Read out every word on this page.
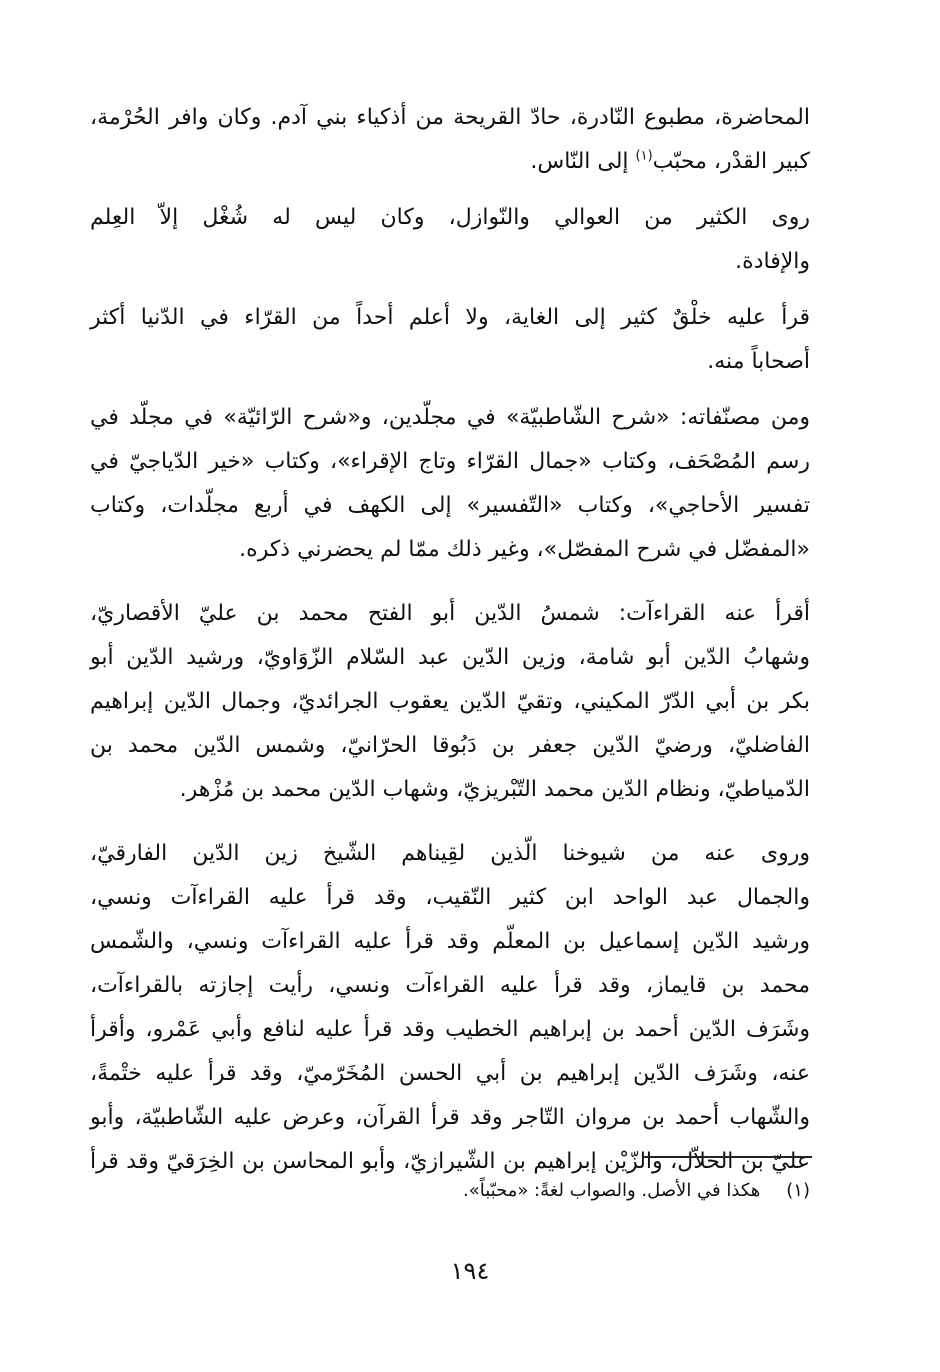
المحاضرة، مطبوع النّادرة، حادّ القريحة من أذكياء بني آدم. وكان وافر الحُرْمة،
كبير القدْر، محبّب$^{(١)}$ إلى النّاس.

روى الكثير من العوالي والنّوازل، وكان ليس له شُغْل إلاّ العِلم
والإفادة.

قرأ عليه خلْقٌ كثير إلى الغاية، ولا أعلم أحداً من القرّاء في الدّنيا أكثر
أصحاباً منه.

ومن مصنّفاته: «شرح الشّاطبيّة» في مجلّدين، و«شرح الرّائيّة» في مجلّد في
رسم المُصْحَف، وكتاب «جمال القرّاء وتاج الإقراء»، وكتاب «خير الدّياجيّ في
تفسير الأحاجي»، وكتاب «التّفسير» إلى الكهف في أربع مجلّدات، وكتاب
«المفضّل في شرح المفصّل»، وغير ذلك ممّا لم يحضرني ذكره.

أقرأ عنه القراءآت: شمسُ الدّين أبو الفتح محمد بن عليّ الأقصاريّ،
وشهابُ الدّين أبو شامة، وزين الدّين عبد السّلام الزّوَاويّ، ورشيد الدّين أبو
بكر بن أبي الدّرّ المكيني، وتقيّ الدّين يعقوب الجرائديّ، وجمال الدّين إبراهيم
الفاضليّ، ورضيّ الدّين جعفر بن دَبُوقا الحرّانيّ، وشمس الدّين محمد بن
الدّمياطيّ، ونظام الدّين محمد التّبْريزيّ، وشهاب الدّين محمد بن مُزْهر.

وروى عنه من شيوخنا الّذين لقِيناهم الشّيخ زين الدّين الفارقيّ،
والجمال عبد الواحد ابن كثير النّقيب، وقد قرأ عليه القراءآت ونسي،
ورشيد الدّين إسماعيل بن المعلّم وقد قرأ عليه القراءآت ونسي، والشّمس
محمد بن قايماز، وقد قرأ عليه القراءآت ونسي، رأيت إجازته بالقراءآت،
وشَرَف الدّين أحمد بن إبراهيم الخطيب وقد قرأ عليه لنافع وأبي عَمْرو، وأقرأ
عنه، وشَرَف الدّين إبراهيم بن أبي الحسن المُخَرّميّ، وقد قرأ عليه ختْمةً،
والشّهاب أحمد بن مروان التّاجر وقد قرأ القرآن، وعرض عليه الشّاطبيّة، وأبو
عليّ بن الخلاّل، والزّيْن إبراهيم بن الشّيرازيّ، وأبو المحاسن بن الخِرَقيّ وقد قرأ

(١)هكذا في الأصل. والصواب لغةً: «محبّباً».
١٩٤
